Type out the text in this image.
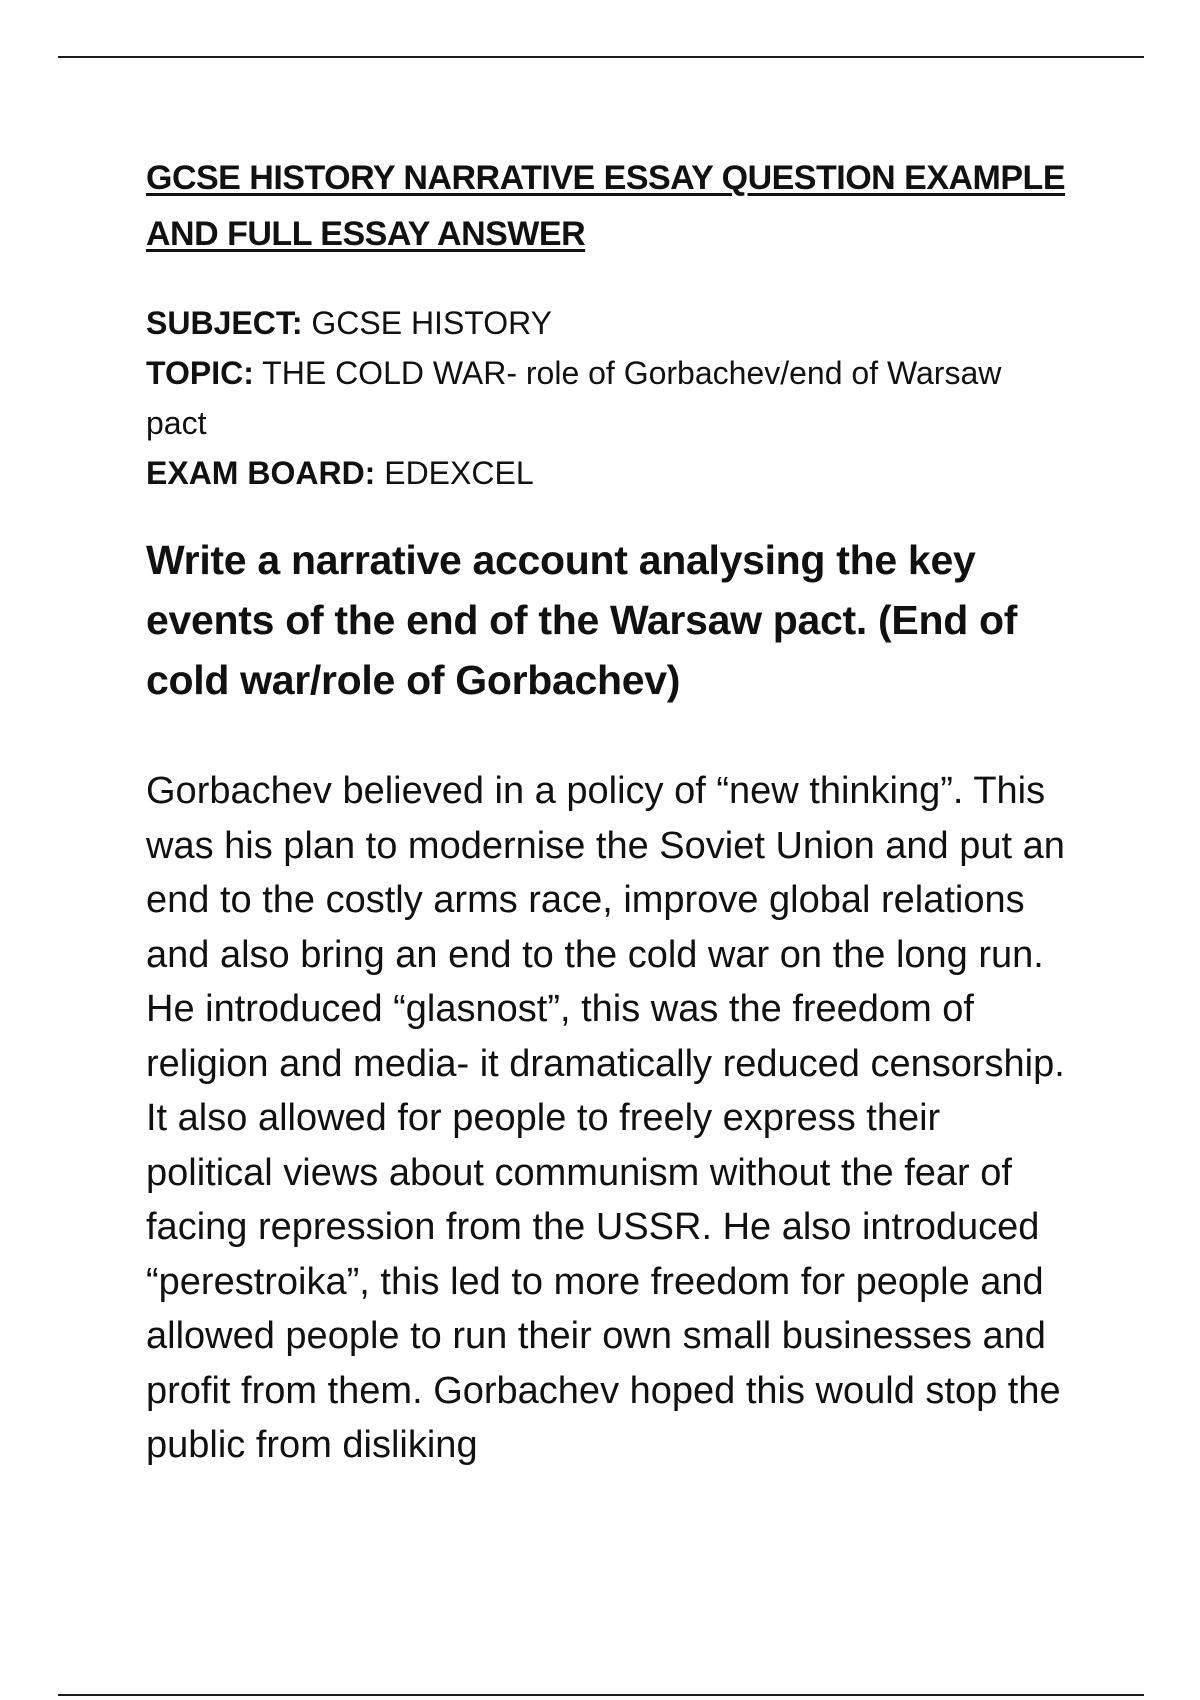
GCSE HISTORY NARRATIVE ESSAY QUESTION EXAMPLE AND FULL ESSAY ANSWER
SUBJECT: GCSE HISTORY
TOPIC: THE COLD WAR- role of Gorbachev/end of Warsaw pact
EXAM BOARD: EDEXCEL
Write a narrative account analysing the key events of the end of the Warsaw pact. (End of cold war/role of Gorbachev)

Gorbachev believed in a policy of “new thinking”. This was his plan to modernise the Soviet Union and put an end to the costly arms race, improve global relations and also bring an end to the cold war on the long run. He introduced “glasnost”, this was the freedom of religion and media- it dramatically reduced censorship. It also allowed for people to freely express their political views about communism without the fear of facing repression from the USSR. He also introduced “perestroika”, this led to more freedom for people and allowed people to run their own small businesses and profit from them. Gorbachev hoped this would stop the public from disliking
